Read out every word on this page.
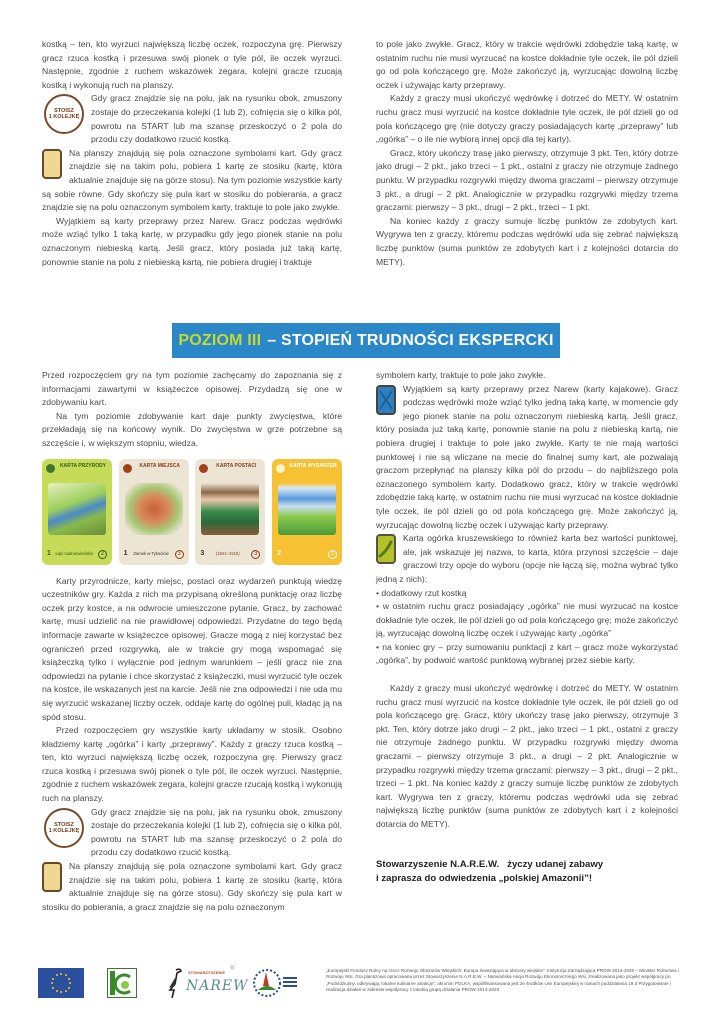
kostką – ten, kto wyrzuci największą liczbę oczek, rozpoczyna grę. Pierwszy gracz rzuca kostką i przesuwa swój pionek o tyle pól, ile oczek wyrzuci. Następnie, zgodnie z ruchem wskazówek zegara, kolejni gracze rzucają kostką i wykonują ruch na planszy.

STOISZ
1 KOLEJKĘ

Gdy gracz znajdzie się na polu, jak na rysunku obok, zmuszony zostaje do przeczekania kolejki (1 lub 2), cofnięcia się o kilka pól, powrotu na START lub ma szansę przeskoczyć o 2 pola do przodu czy dodatkowo rzucić kostką.

Na planszy znajdują się pola oznaczone symbolami kart. Gdy gracz znajdzie się na takim polu, pobiera 1 kartę ze stosiku (kartę, która aktualnie znajduje się na górze stosu). Na tym poziomie wszystkie karty są sobie równe. Gdy skończy się pula kart w stosiku do pobierania, a gracz znajdzie się na polu oznaczonym symbolem karty, traktuje to pole jako zwykłe.

Wyjątkiem są karty przeprawy przez Narew. Gracz podczas wędrówki może wziąć tylko 1 taką kartę, w przypadku gdy jego pionek stanie na polu oznaczonym niebieską kartą. Jeśli gracz, który posiada już taką kartę, ponownie stanie na polu z niebieską kartą, nie pobiera drugiej i traktuje

to pole jako zwykłe. Gracz, który w trakcie wędrówki zdobędzie taką kartę, w ostatnim ruchu nie musi wyrzucać na kostce dokładnie tyle oczek, ile pól dzieli go od pola kończącego grę. Może zakończyć ją, wyrzucając dowolną liczbę oczek i używając karty przeprawy.

Każdy z graczy musi ukończyć wędrówkę i dotrzeć do METY. W ostatnim ruchu gracz musi wyrzucić na kostce dokładnie tyle oczek, ile pól dzieli go od pola kończącego grę (nie dotyczy graczy posiadających kartę „przeprawy” lub „ogórka” – o ile nie wybiorą innej opcji dla tej karty).

Gracz, który ukończy trasę jako pierwszy, otrzymuje 3 pkt. Ten, który dotrze jako drugi – 2 pkt., jako trzeci – 1 pkt., ostatni z graczy nie otrzymuje żadnego punktu. W przypadku rozgrywki między dwoma graczami – pierwszy otrzymuje 3 pkt., a drugi – 2 pkt. Analogicznie w przypadku rozgrywki między trzema graczami: pierwszy – 3 pkt., drugi – 2 pkt., trzeci – 1 pkt.

Na koniec każdy z graczy sumuje liczbę punktów ze zdobytych kart. Wygrywa ten z graczy, któremu podczas wędrówki uda się zebrać największą liczbę punktów (suma punktów ze zdobytych kart i z kolejności dotarcia do METY).

POZIOM III – STOPIEŃ TRUDNOŚCI EKSPERCKI

Przed rozpoczęciem gry na tym poziomie zachęcamy do zapoznania się z informacjami zawartymi w książeczce opisowej. Przydadzą się one w zdobywaniu kart.

Na tym poziomie zdobywanie kart daje punkty zwycięstwa, które przekładają się na końcowy wynik. Do zwycięstwa w grze potrzebne są szczęście i, w większym stopniu, wiedza.

KARTA PRZYRODY
1	Łąki nadnarwiańskie	2
KARTA MIEJSCA
1	Zamek w Tykocinie	3
KARTA POSTACI
3	(1841–1910)	3
KARTA WYDARZEŃ
2	1

Karty przyrodnicze, karty miejsc, postaci oraz wydarzeń punktują wiedzę uczestników gry. Każda z nich ma przypisaną określoną punktację oraz liczbę oczek przy kostce, a na odwrocie umieszczone pytanie. Gracz, by zachować kartę, musi udzielić na nie prawidłowej odpowiedzi. Przydatne do tego będą informacje zawarte w książeczce opisowej. Gracze mogą z niej korzystać bez ograniczeń przed rozgrywką, ale w trakcie gry mogą wspomagać się książeczką tylko i wyłącznie pod jednym warunkiem – jeśli gracz nie zna odpowiedzi na pytanie i chce skorzystać z książeczki, musi wyrzucić tyle oczek na kostce, ile wskazanych jest na karcie. Jeśli nie zna odpowiedzi i nie uda mu się wyrzucić wskazanej liczby oczek, oddaje kartę do ogólnej puli, kładąc ją na spód stosu.

Przed rozpoczęciem gry wszystkie karty układamy w stosik. Osobno kładziemy kartę „ogórka” i karty „przeprawy”. Każdy z graczy rzuca kostką – ten, kto wyrzuci największą liczbę oczek, rozpoczyna grę. Pierwszy gracz rzuca kostką i przesuwa swój pionek o tyle pól, ile oczek wyrzuci. Następnie, zgodnie z ruchem wskazówek zegara, kolejni gracze rzucają kostką i wykonują ruch na planszy.

STOISZ
1 KOLEJKĘ

Gdy gracz znajdzie się na polu, jak na rysunku obok, zmuszony zostaje do przeczekania kolejki (1 lub 2), cofnięcia się o kilka pól, powrotu na START lub ma szansę przeskoczyć o 2 pola do przodu czy dodatkowo rzucić kostką.

Na planszy znajdują się pola oznaczone symbolami kart. Gdy gracz znajdzie się na takim polu, pobiera 1 kartę ze stosiku (kartę, która aktualnie znajduje się na górze stosu). Gdy skończy się pula kart w stosiku do pobierania, a gracz znajdzie się na polu oznaczonym

symbolem karty, traktuje to pole jako zwykłe.

Wyjątkiem są karty przeprawy przez Narew (karty kajakowe). Gracz podczas wędrówki może wziąć tylko jedną taką kartę, w momencie gdy jego pionek stanie na polu oznaczonym niebieską kartą. Jeśli gracz, który posiada już taką kartę, ponownie stanie na polu z niebieską kartą, nie pobiera drugiej i traktuje to pole jako zwykłe. Karty te nie mają wartości punktowej i nie są wliczane na mecie do finalnej sumy kart, ale pozwalają graczom przepłynąć na planszy kilka pól do przodu – do najbliższego pola oznaczonego symbolem karty. Dodatkowo gracz, który w trakcie wędrówki zdobędzie taką kartę, w ostatnim ruchu nie musi wyrzucać na kostce dokładnie tyle oczek, ile pól dzieli go od pola kończącego grę. Może zakończyć ją, wyrzucając dowolną liczbę oczek i używając karty przeprawy.

Karta ogórka kruszewskiego to również karta bez wartości punktowej, ale, jak wskazuje jej nazwa, to karta, która przynosi szczęście – daje graczowi trzy opcje do wyboru (opcje nie łączą się, można wybrać tylko jedną z nich):

• dodatkowy rzut kostką

• w ostatnim ruchu gracz posiadający „ogórka” nie musi wyrzucać na kostce dokładnie tyle oczek, ile pól dzieli go od pola kończącego grę; może zakończyć ją, wyrzucając dowolną liczbę oczek i używając karty „ogórka”

• na koniec gry – przy sumowaniu punktacji z kart – gracz może wykorzystać „ogórka”, by podwoić wartość punktową wybranej przez siebie karty.

Każdy z graczy musi ukończyć wędrówkę i dotrzeć do METY. W ostatnim ruchu gracz musi wyrzucić na kostce dokładnie tyle oczek, ile pól dzieli go od pola kończącego grę. Gracz, który ukończy trasę jako pierwszy, otrzymuje 3 pkt. Ten, który dotrze jako drugi – 2 pkt., jako trzeci – 1 pkt., ostatni z graczy nie otrzymuje żadnego punktu. W przypadku rozgrywki między dwoma graczami – pierwszy otrzymuje 3 pkt., a drugi – 2 pkt. Analogicznie w przypadku rozgrywki między trzema graczami: pierwszy – 3 pkt., drugi – 2 pkt., trzeci – 1 pkt. Na koniec każdy z graczy sumuje liczbę punktów ze zdobytych kart. Wygrywa ten z graczy, któremu podczas wędrówki uda się zebrać największą liczbę punktów (suma punktów ze zdobytych kart i z kolejności dotarcia do METY).

Stowarzyszenie N.A.R.E.W.   życzy udanej zabawy
i zaprasza do odwiedzenia „polskiej Amazonii”!
STOWARZYSZENIE
®
NAREW
„Europejski Fundusz Rolny na rzecz Rozwoju Obszarów Wiejskich: Europa inwestująca w obszary wiejskie”. Instytucja Zarządzająca PROW 2014-2020 – Minister Rolnictwa i Rozwoju Wsi. Gra planszowa opracowana przez Stowarzyszenie N.A.R.E.W. – Narwiańska Akcja Rozwoju Ekonomicznego Wsi, zrealizowana jako projekt współpracy pn. „Podnidziujmy, odkrywając lokalne kulinarne atrakcje”, akronim POLKA, współfinansowana jest ze środków Unii Europejskiej w ramach poddziałania 19.3 Przygotowanie i realizacja działań w zakresie współpracy z lokalną grupą działania PROW 2014-2020.
